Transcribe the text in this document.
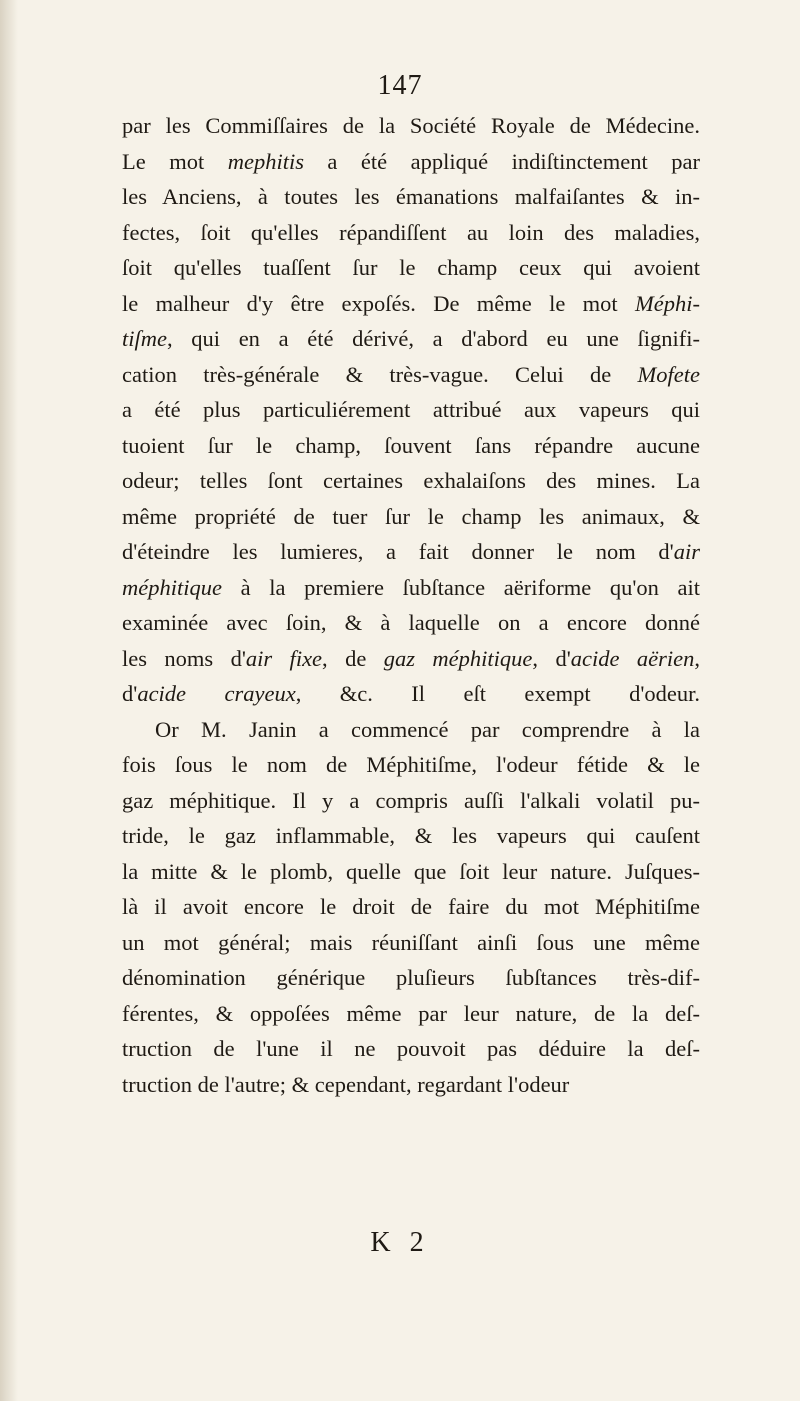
147
par les Commiſſaires de la Société Royale de Médecine.
Le mot mephitis a été appliqué indiſtinctement par
les Anciens, à toutes les émanations malfaiſantes & in-
fectes, ſoit qu'elles répandiſſent au loin des maladies,
ſoit qu'elles tuaſſent ſur le champ ceux qui avoient
le malheur d'y être expoſés. De même le mot Méphi-
tiſme, qui en a été dérivé, a d'abord eu une ſignifi-
cation très-générale & très-vague. Celui de Mofete
a été plus particuliérement attribué aux vapeurs qui
tuoient ſur le champ, ſouvent ſans répandre aucune
odeur; telles ſont certaines exhalaiſons des mines. La
même propriété de tuer ſur le champ les animaux, &
d'éteindre les lumieres, a fait donner le nom d'air
méphitique à la premiere ſubſtance aëriforme qu'on ait
examinée avec ſoin, & à laquelle on a encore donné
les noms d'air fixe, de gaz méphitique, d'acide aërien,
d'acide crayeux, &c. Il eſt exempt d'odeur.
Or M. Janin a commencé par comprendre à la
fois ſous le nom de Méphitiſme, l'odeur fétide & le
gaz méphitique. Il y a compris auſſi l'alkali volatil pu-
tride, le gaz inflammable, & les vapeurs qui cauſent
la mitte & le plomb, quelle que ſoit leur nature. Juſques-
là il avoit encore le droit de faire du mot Méphitiſme
un mot général; mais réuniſſant ainſi ſous une même
dénomination générique pluſieurs ſubſtances très-dif-
férentes, & oppoſées même par leur nature, de la deſ-
truction de l'une il ne pouvoit pas déduire la deſ-
truction de l'autre; & cependant, regardant l'odeur
K 2
